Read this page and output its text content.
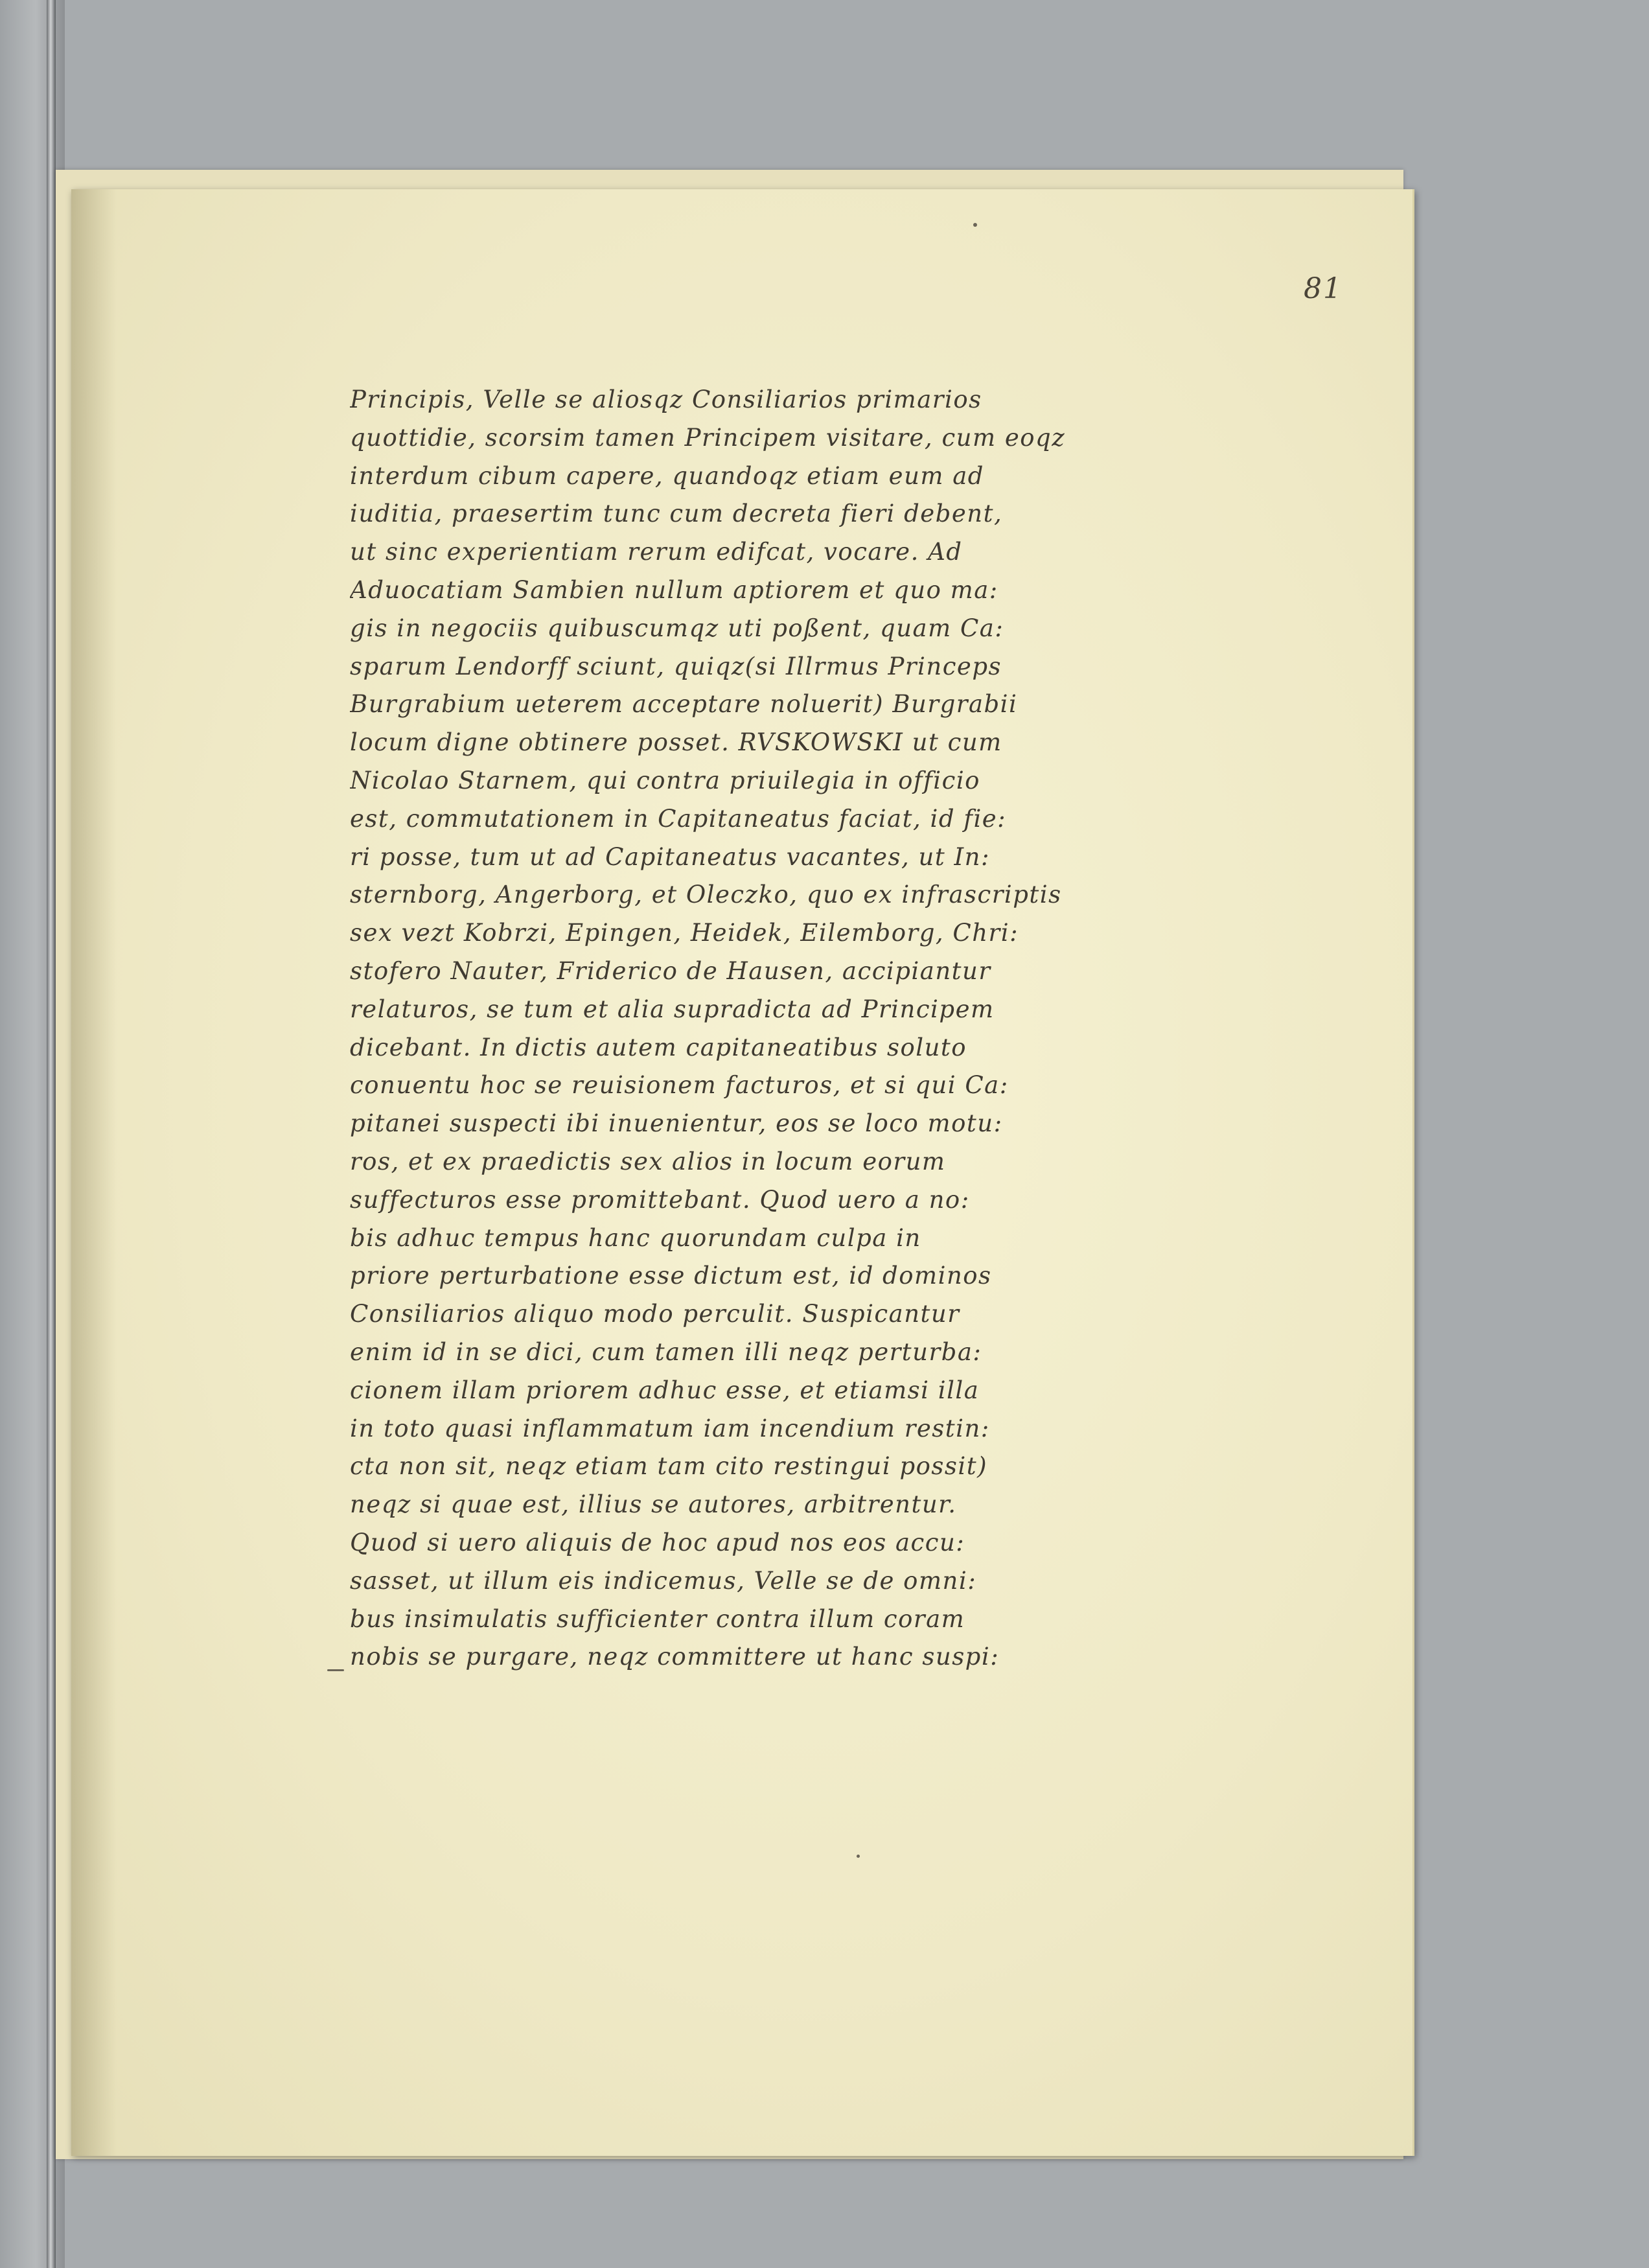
81
Principis, Velle se aliosqz Consiliarios primarios
quottidie, scorsim tamen Principem visitare, cum eoqz
interdum cibum capere, quandoqz etiam eum ad
iuditia, praesertim tunc cum decreta fieri debent,
ut sinc experientiam rerum edifcat, vocare. Ad
Aduocatiam Sambien nullum aptiorem et quo ma:
gis in negociis quibuscumqz uti poßent, quam Ca:
sparum Lendorff sciunt, quiqz(si Illrmus Princeps
Burgrabium ueterem acceptare noluerit) Burgrabii
locum digne obtinere posset. RVSKOWSKI ut cum
Nicolao Starnem, qui contra priuilegia in officio
est, commutationem in Capitaneatus faciat, id fie:
ri posse, tum ut ad Capitaneatus vacantes, ut In:
sternborg, Angerborg, et Oleczko, quo ex infrascriptis
sex vezt Kobrzi, Epingen, Heidek, Eilemborg, Chri:
stofero Nauter, Friderico de Hausen, accipiantur
relaturos, se tum et alia supradicta ad Principem
dicebant. In dictis autem capitaneatibus soluto
conuentu hoc se reuisionem facturos, et si qui Ca:
pitanei suspecti ibi inuenientur, eos se loco motu:
ros, et ex praedictis sex alios in locum eorum
suffecturos esse promittebant. Quod uero a no:
bis adhuc tempus hanc quorundam culpa in
priore perturbatione esse dictum est, id dominos
Consiliarios aliquo modo perculit. Suspicantur
enim id in se dici, cum tamen illi neqz perturba:
cionem illam priorem adhuc esse, et etiamsi illa
in toto quasi inflammatum iam incendium restin:
cta non sit, neqz etiam tam cito restingui possit)
neqz si quae est, illius se autores, arbitrentur.
Quod si uero aliquis de hoc apud nos eos accu:
sasset, ut illum eis indicemus, Velle se de omni:
bus insimulatis sufficienter contra illum coram
nobis se purgare, neqz committere ut hanc suspi:
